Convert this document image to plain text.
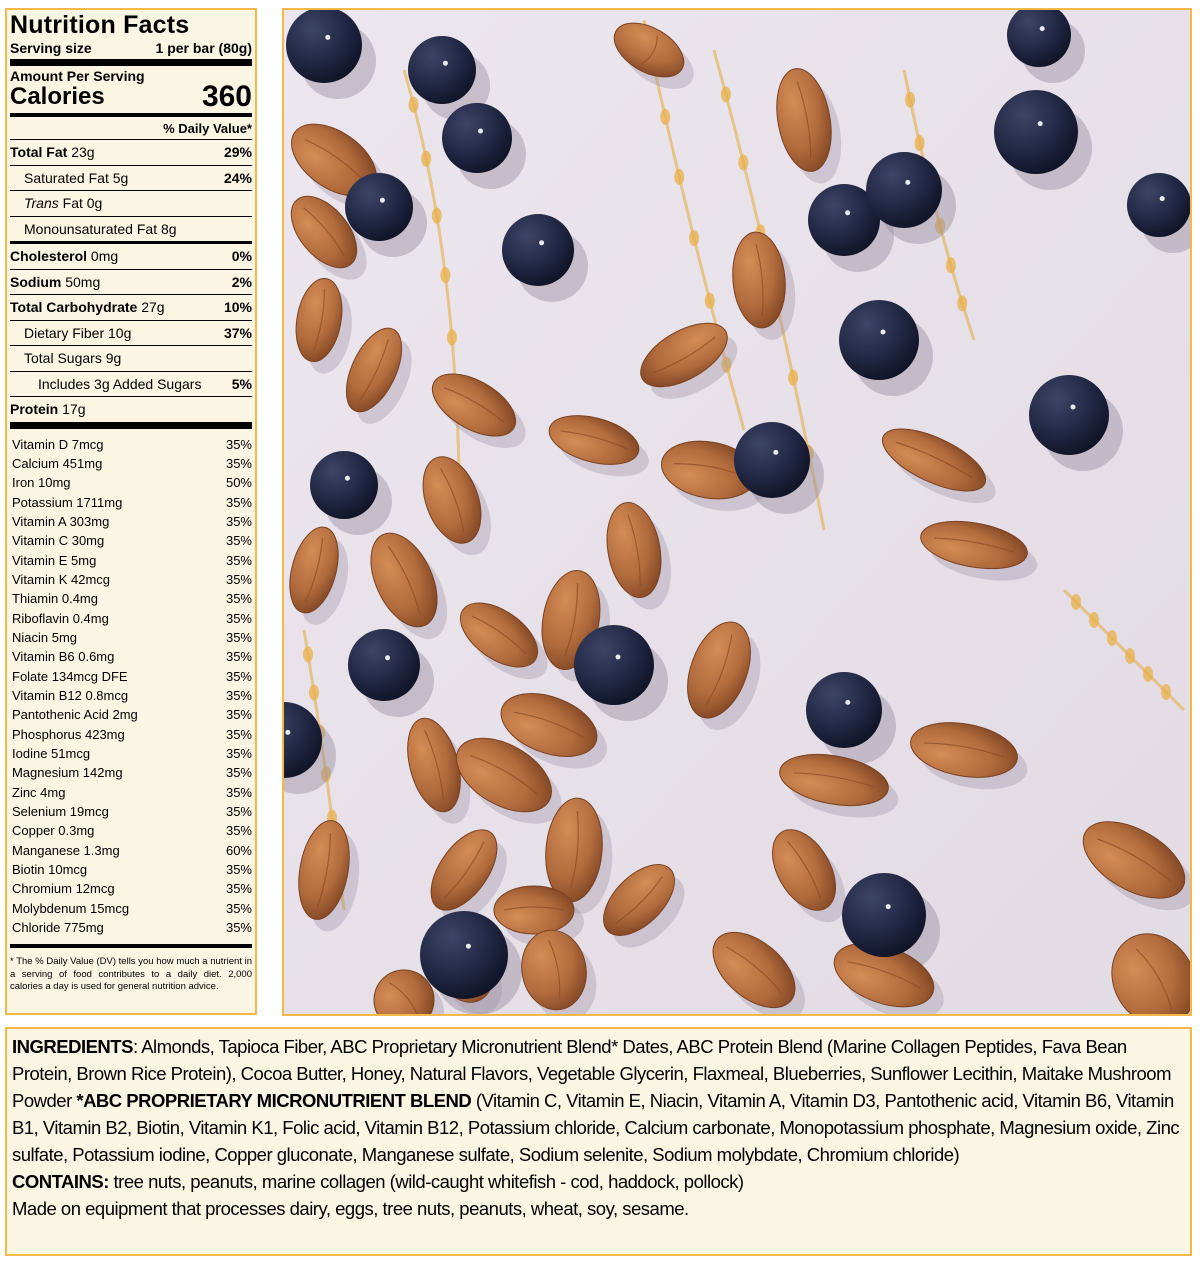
Nutrition Facts
Serving size	1 per bar (80g)
Amount Per Serving
Calories	360
% Daily Value*
Total Fat 23g	29%
Saturated Fat 5g	24%
Trans Fat 0g
Monounsaturated Fat 8g
Cholesterol 0mg	0%
Sodium 50mg	2%
Total Carbohydrate 27g	10%
Dietary Fiber 10g	37%
Total Sugars 9g
Includes 3g Added Sugars 5%
Protein 17g
Vitamin D 7mcg	35%
Calcium 451mg	35%
Iron 10mg	50%
Potassium 1711mg	35%
Vitamin A 303mg	35%
Vitamin C 30mg	35%
Vitamin E 5mg	35%
Vitamin K 42mcg	35%
Thiamin 0.4mg	35%
Riboflavin 0.4mg	35%
Niacin 5mg	35%
Vitamin B6 0.6mg	35%
Folate 134mcg DFE	35%
Vitamin B12 0.8mcg	35%
Pantothenic Acid 2mg	35%
Phosphorus 423mg	35%
Iodine 51mcg	35%
Magnesium 142mg	35%
Zinc 4mg	35%
Selenium 19mcg	35%
Copper 0.3mg	35%
Manganese 1.3mg	60%
Biotin 10mcg	35%
Chromium 12mcg	35%
Molybdenum 15mcg	35%
Chloride 775mg	35%
* The % Daily Value (DV) tells you how much a nutrient in a serving of food contributes to a daily diet. 2,000 calories a day is used for general nutrition advice.

INGREDIENTS: Almonds, Tapioca Fiber, ABC Proprietary Micronutrient Blend* Dates, ABC Protein Blend (Marine Collagen Peptides, Fava Bean Protein, Brown Rice Protein), Cocoa Butter, Honey, Natural Flavors, Vegetable Glycerin, Flaxmeal, Blueberries, Sunflower Lecithin, Maitake Mushroom Powder *ABC PROPRIETARY MICRONUTRIENT BLEND (Vitamin C, Vitamin E, Niacin, Vitamin A, Vitamin D3, Pantothenic acid, Vitamin B6, Vitamin B1, Vitamin B2, Biotin, Vitamin K1, Folic acid, Vitamin B12, Potassium chloride, Calcium carbonate, Monopotassium phosphate, Magnesium oxide, Zinc sulfate, Potassium iodine, Copper gluconate, Manganese sulfate, Sodium selenite, Sodium molybdate, Chromium chloride)

CONTAINS: tree nuts, peanuts, marine collagen (wild-caught whitefish - cod, haddock, pollock)

Made on equipment that processes dairy, eggs, tree nuts, peanuts, wheat, soy, sesame.
